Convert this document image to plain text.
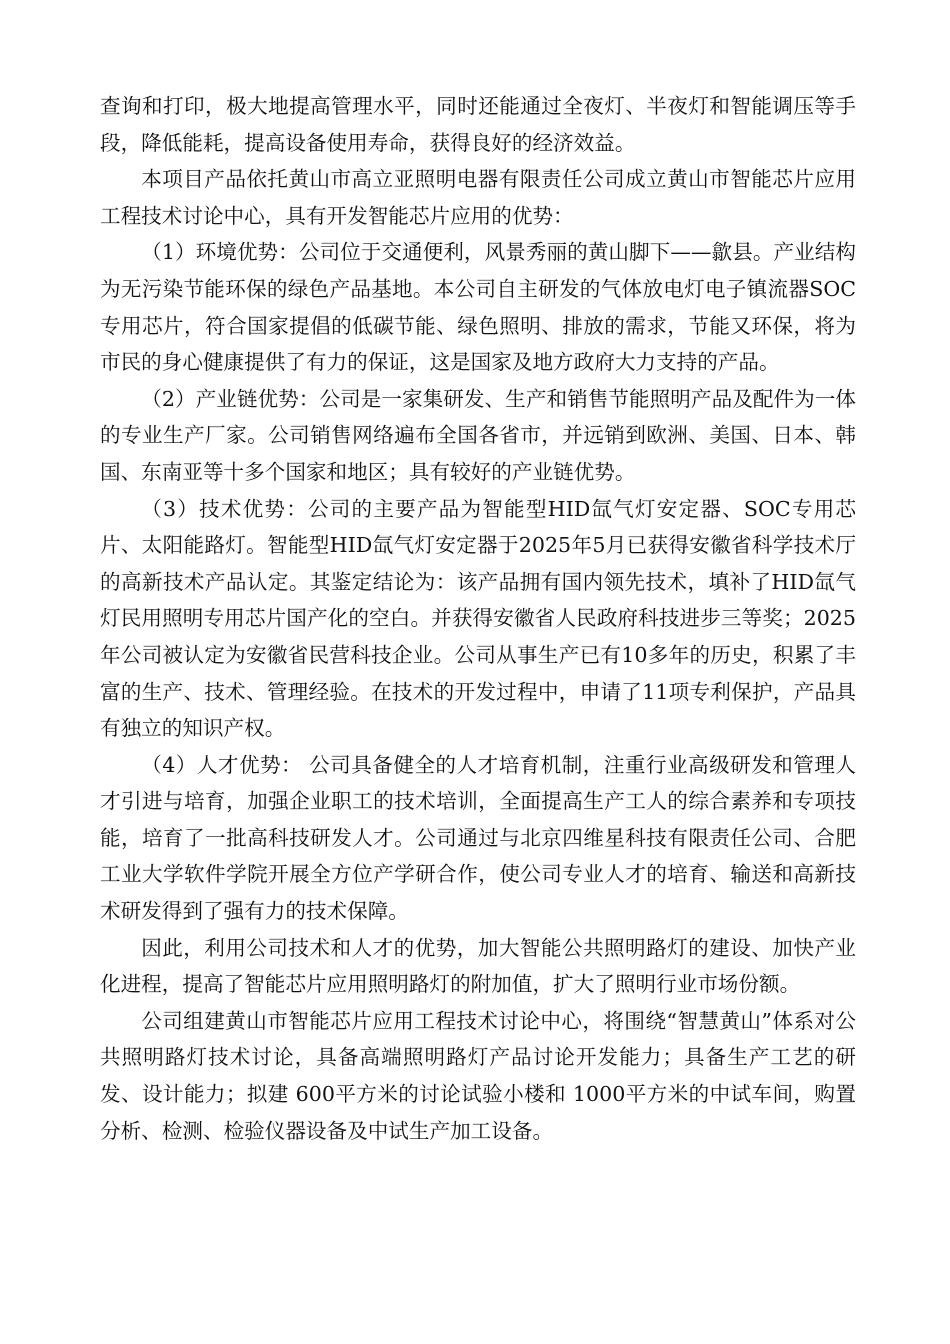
查询和打印，极大地提高管理水平，同时还能通过全夜灯、半夜灯和智能调压等手段，降低能耗，提高设备使用寿命，获得良好的经济效益。

本项目产品依托黄山市高立亚照明电器有限责任公司成立黄山市智能芯片应用工程技术讨论中心，具有开发智能芯片应用的优势：

（1）环境优势：公司位于交通便利，风景秀丽的黄山脚下——歙县。产业结构为无污染节能环保的绿色产品基地。本公司自主研发的气体放电灯电子镇流器SOC专用芯片，符合国家提倡的低碳节能、绿色照明、排放的需求，节能又环保，将为市民的身心健康提供了有力的保证，这是国家及地方政府大力支持的产品。

（2）产业链优势：公司是一家集研发、生产和销售节能照明产品及配件为一体的专业生产厂家。公司销售网络遍布全国各省市，并远销到欧洲、美国、日本、韩国、东南亚等十多个国家和地区；具有较好的产业链优势。

（3）技术优势：公司的主要产品为智能型HID氙气灯安定器、SOC专用芯片、太阳能路灯。智能型HID氙气灯安定器于2025年5月已获得安徽省科学技术厅的高新技术产品认定。其鉴定结论为：该产品拥有国内领先技术，填补了HID氙气灯民用照明专用芯片国产化的空白。并获得安徽省人民政府科技进步三等奖；2025年公司被认定为安徽省民营科技企业。公司从事生产已有10多年的历史，积累了丰富的生产、技术、管理经验。在技术的开发过程中，申请了11项专利保护，产品具有独立的知识产权。

（4）人才优势： 公司具备健全的人才培育机制，注重行业高级研发和管理人才引进与培育，加强企业职工的技术培训，全面提高生产工人的综合素养和专项技能，培育了一批高科技研发人才。公司通过与北京四维星科技有限责任公司、合肥工业大学软件学院开展全方位产学研合作，使公司专业人才的培育、输送和高新技术研发得到了强有力的技术保障。

因此，利用公司技术和人才的优势，加大智能公共照明路灯的建设、加快产业化进程，提高了智能芯片应用照明路灯的附加值，扩大了照明行业市场份额。

公司组建黄山市智能芯片应用工程技术讨论中心，将围绕“智慧黄山”体系对公共照明路灯技术讨论，具备高端照明路灯产品讨论开发能力；具备生产工艺的研发、设计能力；拟建 600平方米的讨论试验小楼和 1000平方米的中试车间，购置分析、检测、检验仪器设备及中试生产加工设备。
